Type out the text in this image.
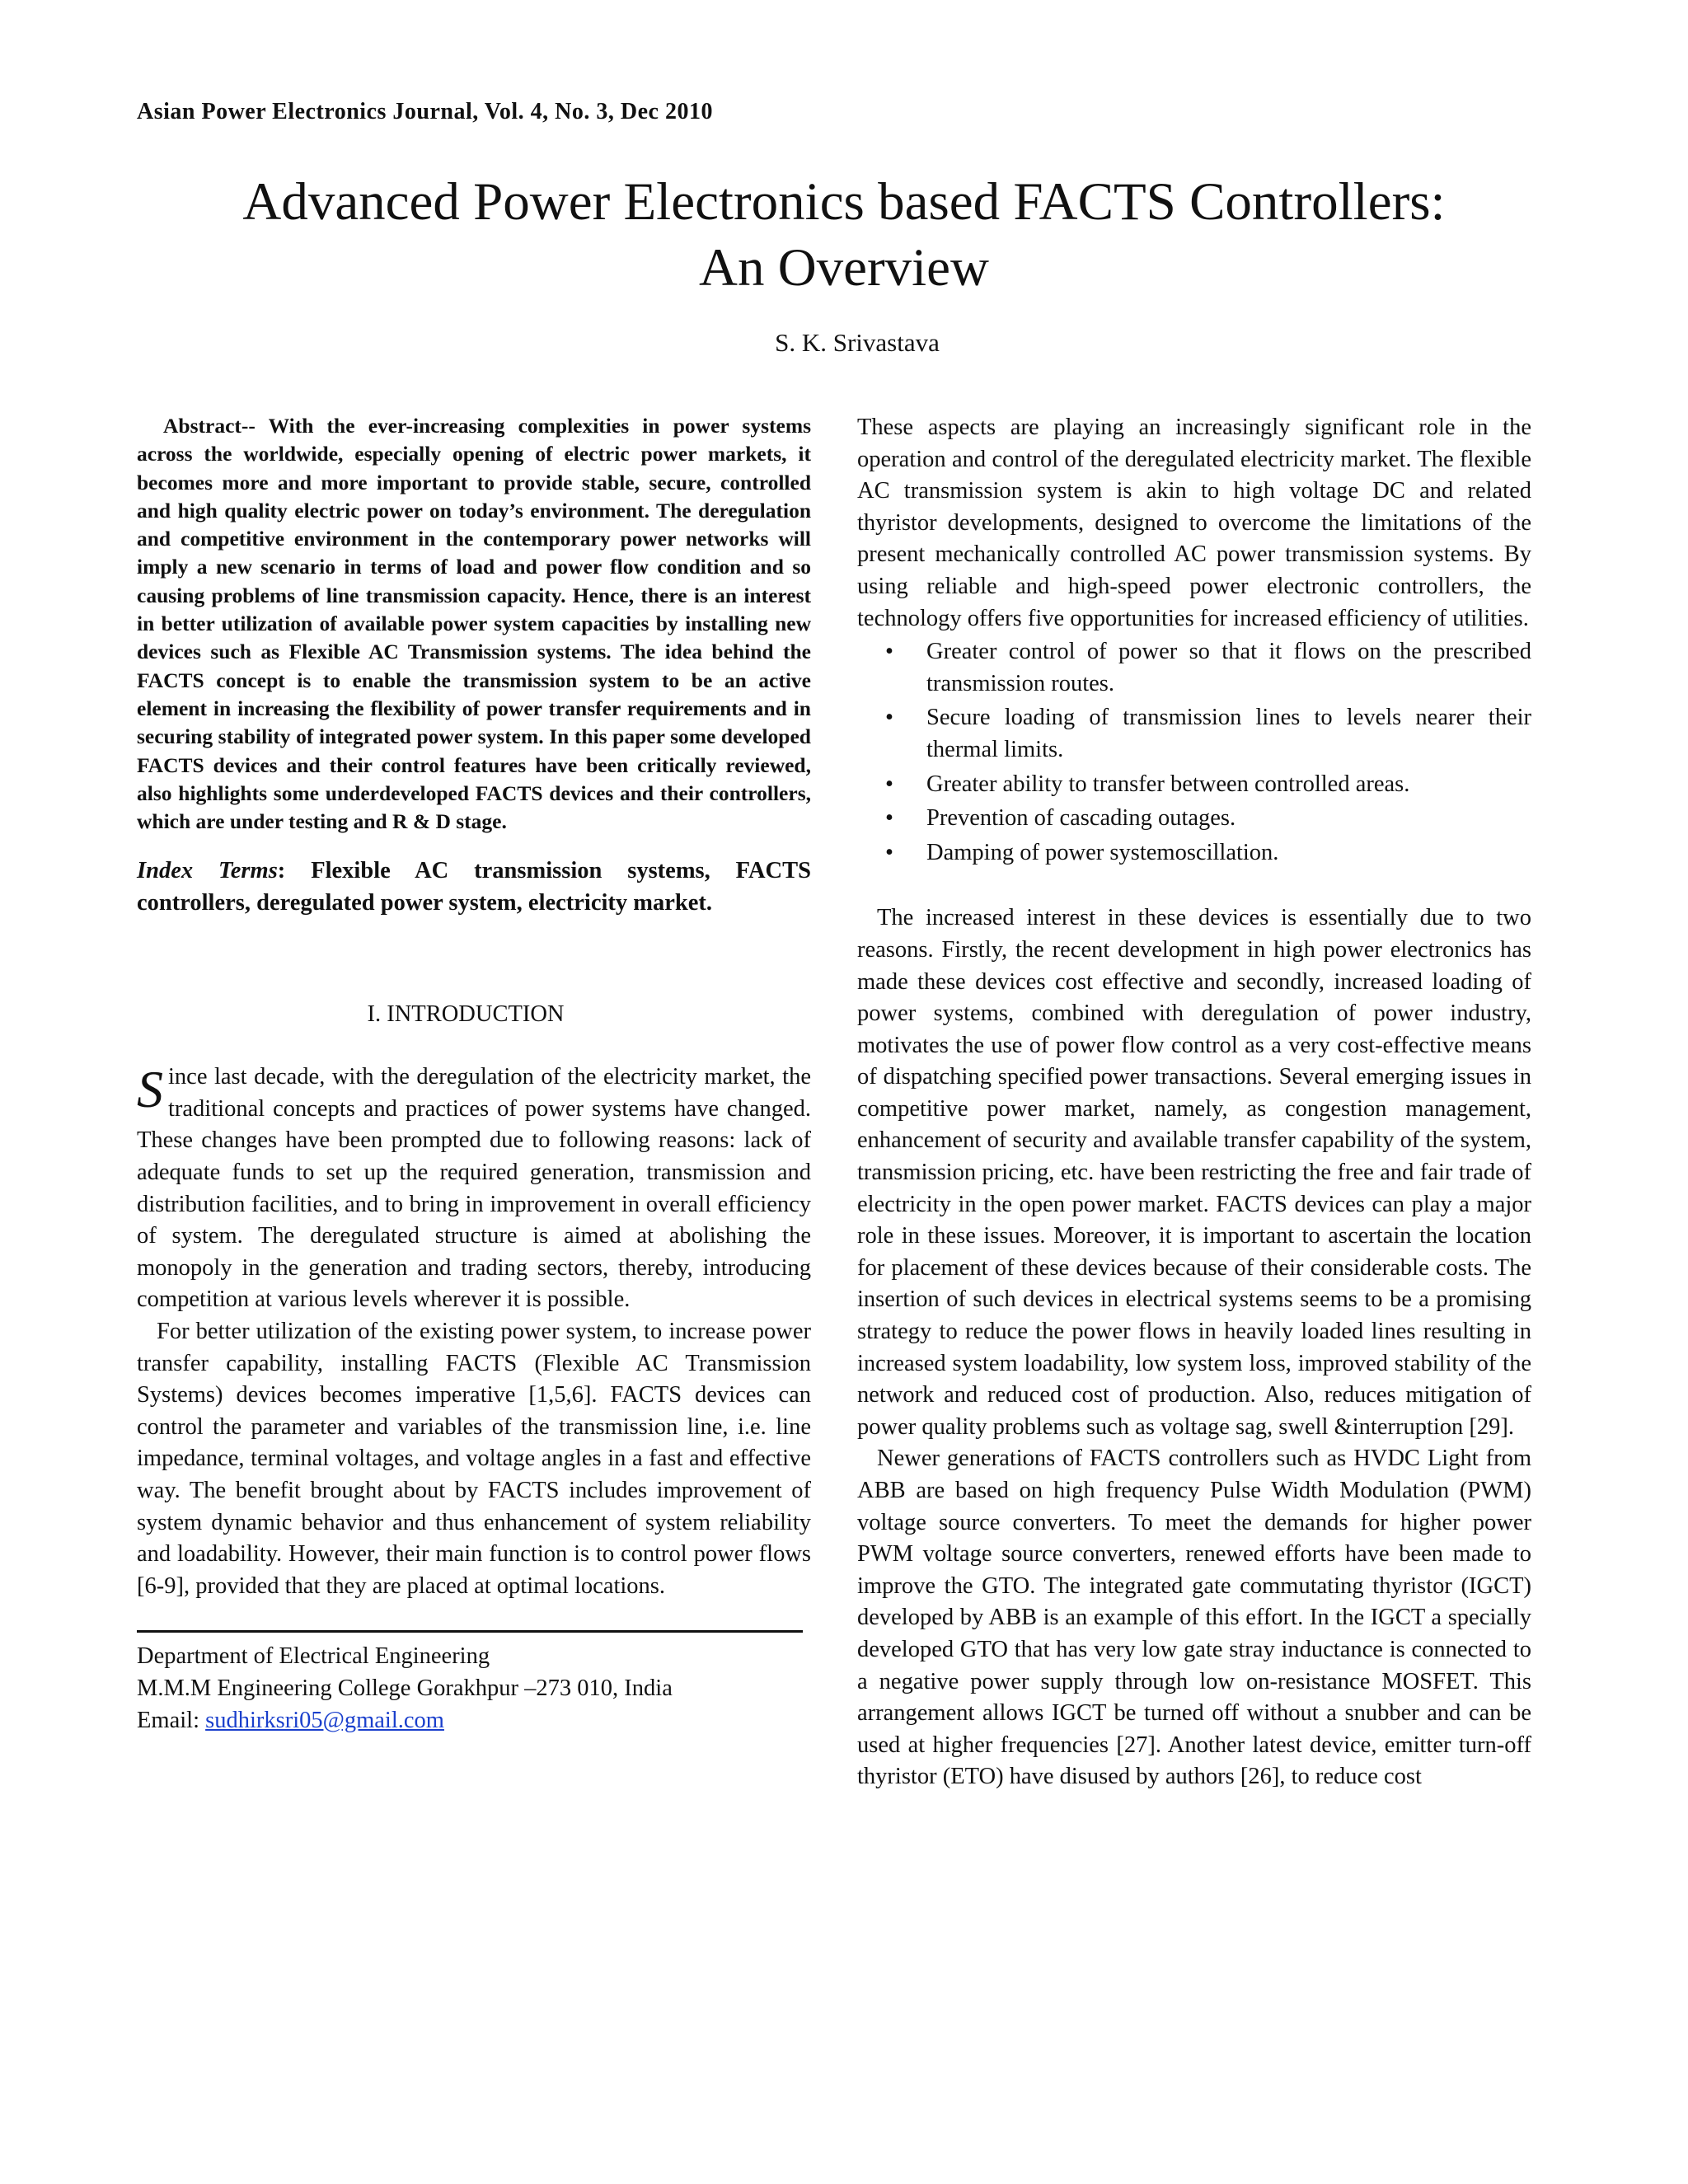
Asian Power Electronics Journal, Vol. 4, No. 3, Dec 2010
Advanced Power Electronics based FACTS Controllers:
An Overview
S. K. Srivastava

Abstract-- With the ever-increasing complexities in power systems across the worldwide, especially opening of electric power markets, it becomes more and more important to provide stable, secure, controlled and high quality electric power on today’s environment. The deregulation and competitive environment in the contemporary power networks will imply a new scenario in terms of load and power flow condition and so causing problems of line transmission capacity. Hence, there is an interest in better utilization of available power system capacities by installing new devices such as Flexible AC Transmission systems. The idea behind the FACTS concept is to enable the transmission system to be an active element in increasing the flexibility of power transfer requirements and in securing stability of integrated power system. In this paper some developed FACTS devices and their control features have been critically reviewed, also highlights some underdeveloped FACTS devices and their controllers, which are under testing and R & D stage.

Index Terms: Flexible AC transmission systems, FACTS controllers, deregulated power system, electricity market.
I. INTRODUCTION

Since last decade, with the deregulation of the electricity market, the traditional concepts and practices of power systems have changed. These changes have been prompted due to following reasons: lack of adequate funds to set up the required generation, transmission and distribution facilities, and to bring in improvement in overall efficiency of system. The deregulated structure is aimed at abolishing the monopoly in the generation and trading sectors, thereby, introducing competition at various levels wherever it is possible.

For better utilization of the existing power system, to increase power transfer capability, installing FACTS (Flexible AC Transmission Systems) devices becomes imperative [1,5,6]. FACTS devices can control the parameter and variables of the transmission line, i.e. line impedance, terminal voltages, and voltage angles in a fast and effective way. The benefit brought about by FACTS includes improvement of system dynamic behavior and thus enhancement of system reliability and loadability. However, their main function is to control power flows [6-9], provided that they are placed at optimal locations.

Department of Electrical Engineering
M.M.M Engineering College Gorakhpur –273 010, India
Email: sudhirksri05@gmail.com

These aspects are playing an increasingly significant role in the operation and control of the deregulated electricity market. The flexible AC transmission system is akin to high voltage DC and related thyristor developments, designed to overcome the limitations of the present mechanically controlled AC power transmission systems. By using reliable and high-speed power electronic controllers, the technology offers five opportunities for increased efficiency of utilities.

• Greater control of power so that it flows on the prescribed transmission routes.
• Secure loading of transmission lines to levels nearer their thermal limits.
• Greater ability to transfer between controlled areas.
• Prevention of cascading outages.
• Damping of power systemoscillation.

The increased interest in these devices is essentially due to two reasons. Firstly, the recent development in high power electronics has made these devices cost effective and secondly, increased loading of power systems, combined with deregulation of power industry, motivates the use of power flow control as a very cost-effective means of dispatching specified power transactions. Several emerging issues in competitive power market, namely, as congestion management, enhancement of security and available transfer capability of the system, transmission pricing, etc. have been restricting the free and fair trade of electricity in the open power market. FACTS devices can play a major role in these issues. Moreover, it is important to ascertain the location for placement of these devices because of their considerable costs. The insertion of such devices in electrical systems seems to be a promising strategy to reduce the power flows in heavily loaded lines resulting in increased system loadability, low system loss, improved stability of the network and reduced cost of production. Also, reduces mitigation of power quality problems such as voltage sag, swell &interruption [29].

Newer generations of FACTS controllers such as HVDC Light from ABB are based on high frequency Pulse Width Modulation (PWM) voltage source converters. To meet the demands for higher power PWM voltage source converters, renewed efforts have been made to improve the GTO. The integrated gate commutating thyristor (IGCT) developed by ABB is an example of this effort. In the IGCT a specially developed GTO that has very low gate stray inductance is connected to a negative power supply through low on-resistance MOSFET. This arrangement allows IGCT be turned off without a snubber and can be used at higher frequencies [27]. Another latest device, emitter turn-off thyristor (ETO) have disused by authors [26], to reduce cost
